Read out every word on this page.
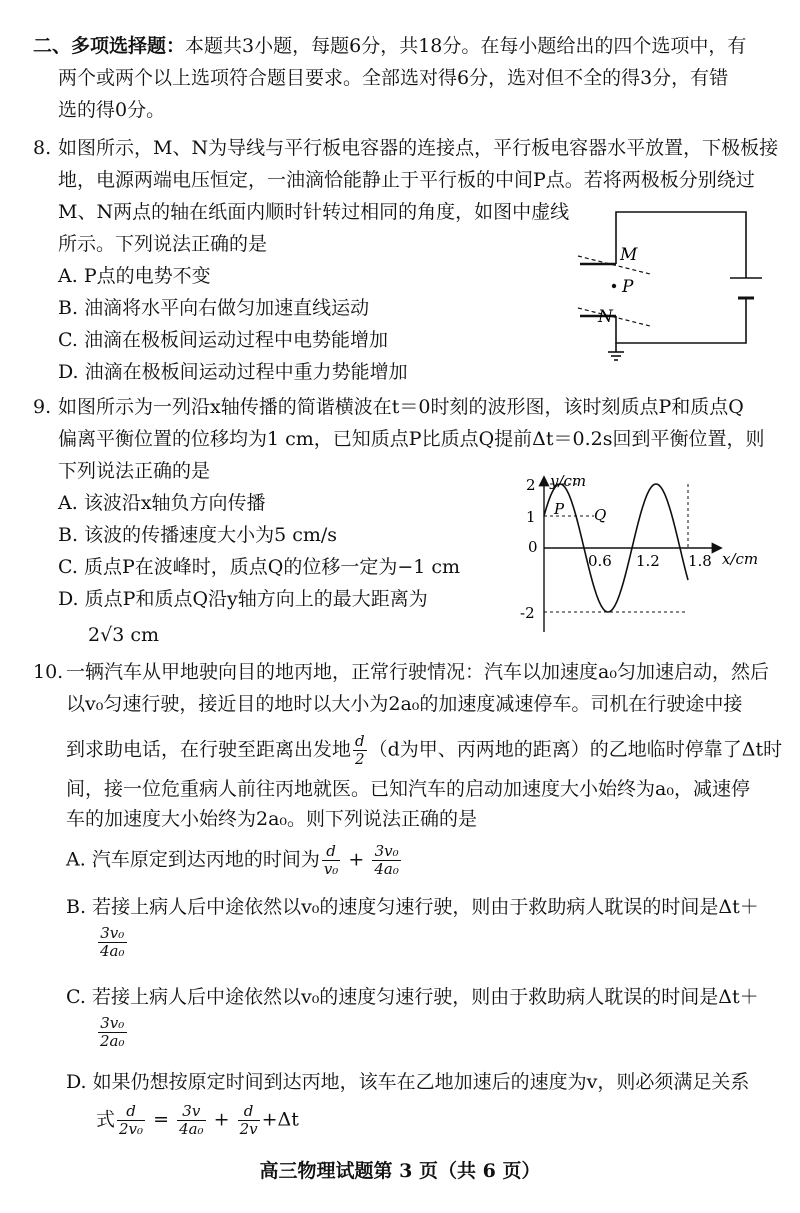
二、多项选择题：本题共3小题，每题6分，共18分。在每小题给出的四个选项中，有
两个或两个以上选项符合题目要求。全部选对得6分，选对但不全的得3分，有错
选的得0分。
8. 如图所示，M、N为导线与平行板电容器的连接点，平行板电容器水平放置，下极板接
地，电源两端电压恒定，一油滴恰能静止于平行板的中间P点。若将两极板分别绕过
M、N两点的轴在纸面内顺时针转过相同的角度，如图中虚线
所示。下列说法正确的是
A. P点的电势不变
B. 油滴将水平向右做匀加速直线运动
C. 油滴在极板间运动过程中电势能增加
D. 油滴在极板间运动过程中重力势能增加
M
P
N
9. 如图所示为一列沿x轴传播的简谐横波在t＝0时刻的波形图，该时刻质点P和质点Q
偏离平衡位置的位移均为1 cm，已知质点P比质点Q提前Δt＝0.2s回到平衡位置，则
下列说法正确的是
A. 该波沿x轴负方向传播
B. 该波的传播速度大小为5 cm/s
C. 质点P在波峰时，质点Q的位移一定为−1 cm
D. 质点P和质点Q沿y轴方向上的最大距离为
2√3 cm
y/cm
x/cm
0
2
1
-2
0.6 1.2 1.8
P Q
10. 一辆汽车从甲地驶向目的地丙地，正常行驶情况：汽车以加速度a₀匀加速启动，然后
以v₀匀速行驶，接近目的地时以大小为2a₀的加速度减速停车。司机在行驶途中接
到求助电话，在行驶至距离出发地 $\frac{d}{2} (d$为甲、丙两地的距离）的乙地临时停靠了Δt时
间，接一位危重病人前往丙地就医。已知汽车的启动加速度大小始终为a₀，减速停
车的加速度大小始终为2a₀。则下列说法正确的是
A. 汽车原定到达丙地的时间为 $\frac{d}{\text{v₀}} + \frac{\text{3v₀}}{\text{4a₀}}$
B. 若接上病人后中途依然以v₀的速度匀速行驶，则由于救助病人耽误的时间是Δt＋
$\frac{\text{3v₀}}{\text{4a₀}}$
C. 若接上病人后中途依然以v₀的速度匀速行驶，则由于救助病人耽误的时间是Δt＋
$\frac{\text{3v₀}}{\text{2a₀}}$
D. 如果仍想按原定时间到达丙地，该车在乙地加速后的速度为v，则必须满足关系
式 $\frac{d}{\text{2v₀}} = \frac{3v}{\text{4a₀}} + \frac{d}{2v} +\Delta t$
高三物理试题第 3 页（共 6 页）
